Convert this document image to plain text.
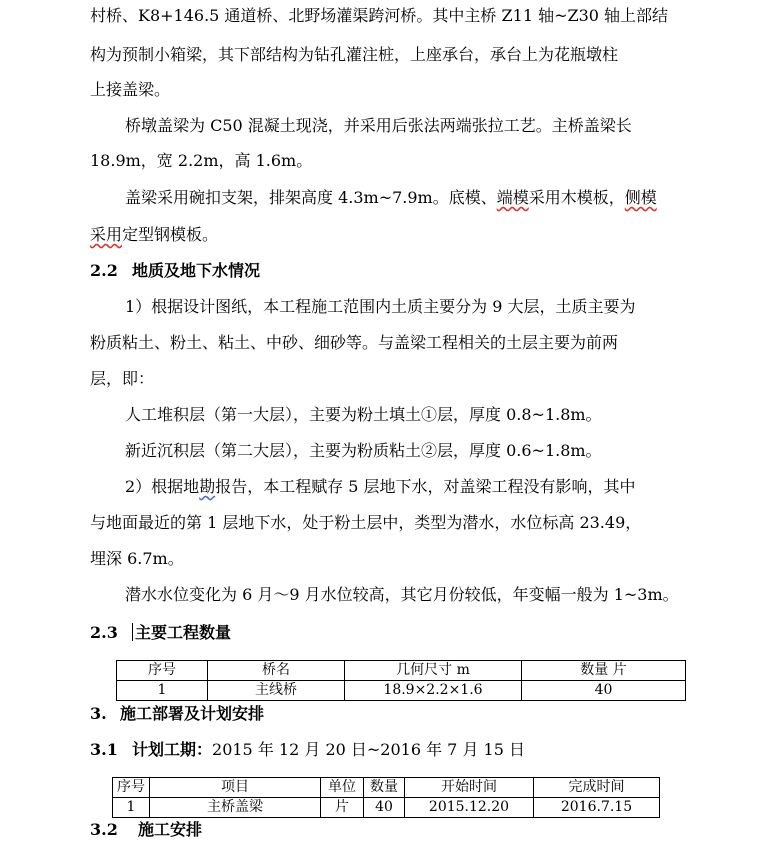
村桥、K8+146.5 通道桥、北野场灌渠跨河桥。其中主桥 Z11 轴~Z30 轴上部结
构为预制小箱梁，其下部结构为钻孔灌注桩，上座承台，承台上为花瓶墩柱
上接盖梁。
桥墩盖梁为 C50 混凝土现浇，并采用后张法两端张拉工艺。主桥盖梁长
18.9m，宽 2.2m，高 1.6m。
盖梁采用碗扣支架，排架高度 4.3m~7.9m。底模、端模采用木模板，侧模
采用定型钢模板。
2.2 地质及地下水情况
1）根据设计图纸，本工程施工范围内土质主要分为 9 大层，土质主要为
粉质粘土、粉土、粘土、中砂、细砂等。与盖梁工程相关的土层主要为前两
层，即：
人工堆积层（第一大层），主要为粉土填土①层，厚度 0.8~1.8m。
新近沉积层（第二大层），主要为粉质粘土②层，厚度 0.6~1.8m。
2）根据地勘报告，本工程赋存 5 层地下水，对盖梁工程没有影响，其中
与地面最近的第 1 层地下水，处于粉土层中，类型为潜水，水位标高 23.49，
埋深 6.7m。
潜水水位变化为 6 月～9 月水位较高，其它月份较低，年变幅一般为 1~3m。
2.3 主要工程数量
序号	桥名	几何尺寸 m	数量 片
1	主线桥	18.9×2.2×1.6	40
3. 施工部署及计划安排
3.1 计划工期：2015 年 12 月 20 日~2016 年 7 月 15 日
序号	项目	单位	数量	开始时间	完成时间
1	主桥盖梁	片	40	2015.12.20	2016.7.15
3.2 施工安排
